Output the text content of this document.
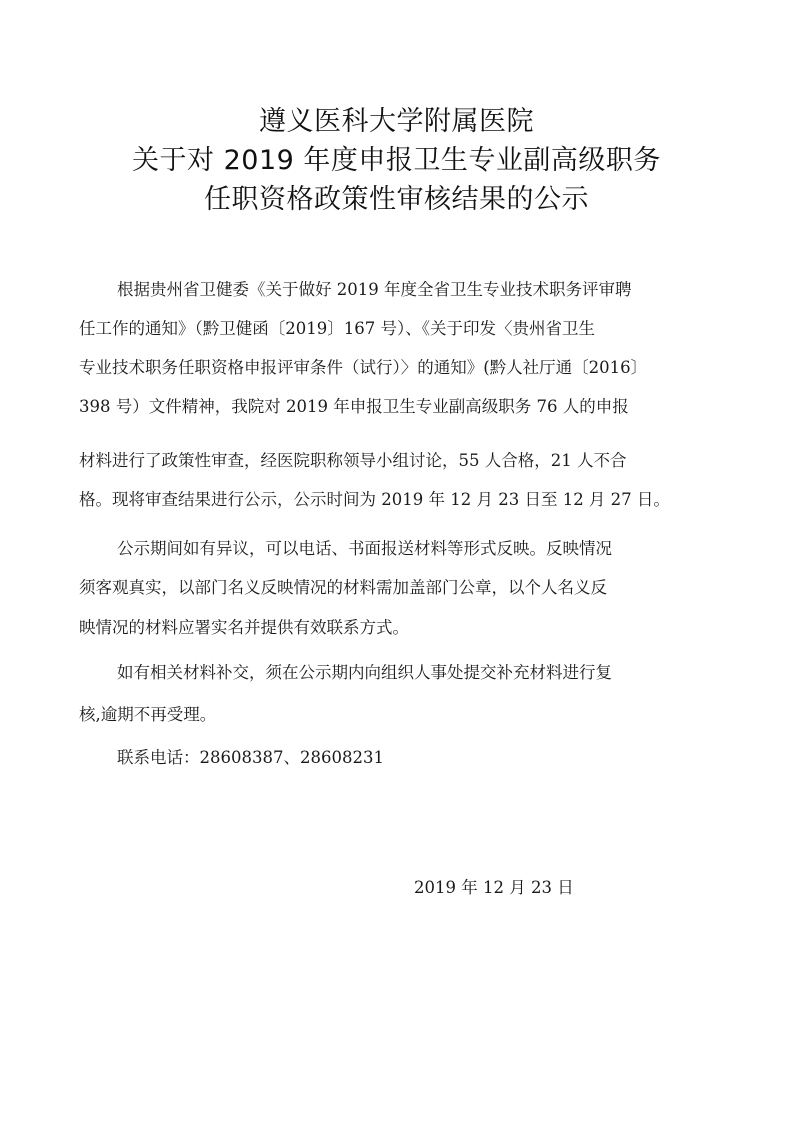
遵义医科大学附属医院
关于对 2019 年度申报卫生专业副高级职务
任职资格政策性审核结果的公示
根据贵州省卫健委《关于做好 2019 年度全省卫生专业技术职务评审聘
任工作的通知》（黔卫健函〔2019〕167 号）、《关于印发〈贵州省卫生
专业技术职务任职资格申报评审条件（试行）〉的通知》(黔人社厅通〔2016〕
398 号）文件精神，我院对 2019 年申报卫生专业副高级职务 76 人的申报
材料进行了政策性审查，经医院职称领导小组讨论，55 人合格，21 人不合
格。现将审查结果进行公示，公示时间为 2019 年 12 月 23 日至 12 月 27 日。
公示期间如有异议，可以电话、书面报送材料等形式反映。反映情况
须客观真实，以部门名义反映情况的材料需加盖部门公章，以个人名义反
映情况的材料应署实名并提供有效联系方式。
如有相关材料补交，须在公示期内向组织人事处提交补充材料进行复
核,逾期不再受理。
联系电话：28608387、28608231
2019 年 12 月 23 日
